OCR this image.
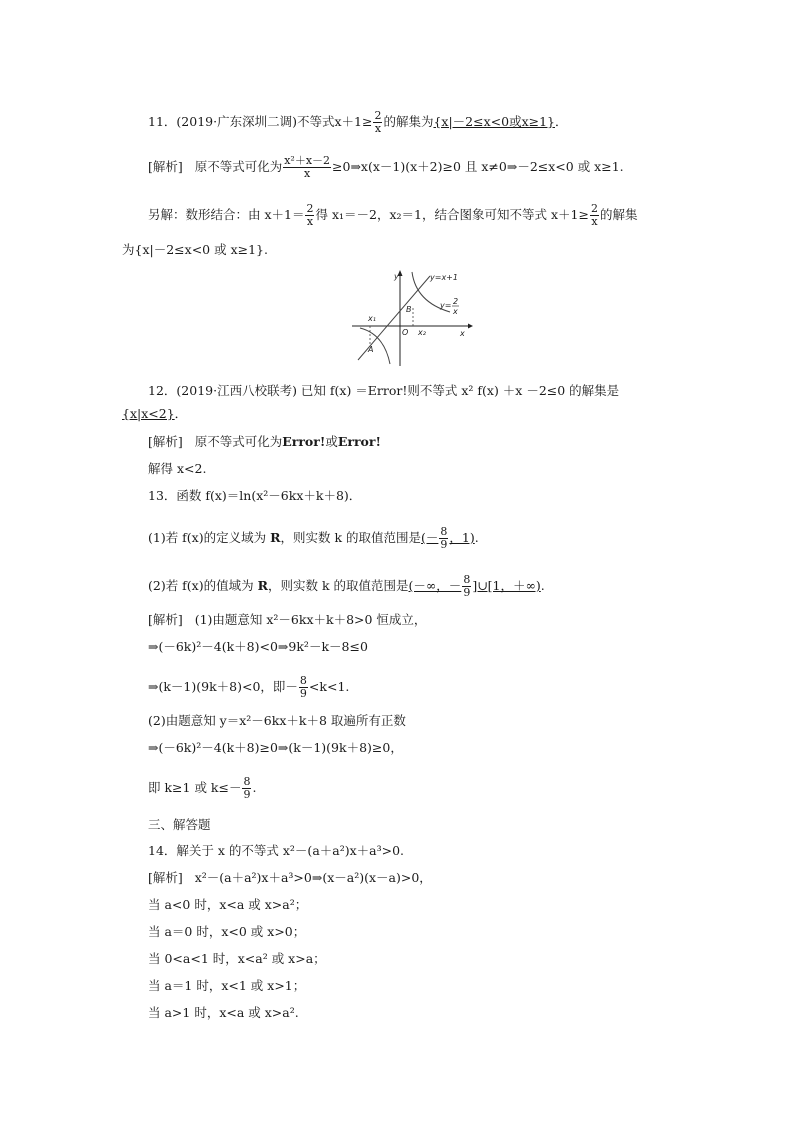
11．(2019·广东深圳二调)不等式$x+1\ge \frac{2}{x}$ 的解集为{x|－2≤x<0或x≥1}．
[解析] 原不等式可化为 $\frac{\text{x²＋x－2}}{x}$ ≥0⇒x(x－1)(x＋2)≥0 且 x≠0⇒－2≤x<0 或 x≥1.
另解：数形结合：由 $x+1= \frac{2}{x}$ 得 x₁＝－2，x₂＝1，结合图象可知不等式 $x+1\ge \frac{2}{x}$ 的解集
为{x|－2≤x<0 或 x≥1}.
y
x
O
y=x+1
y= 2
x
x₁
x₂
A
B
12．(2019·江西八校联考) 已知 f(x) ＝Error!则不等式 x² f(x) ＋x －2≤0 的解集是
{x|x<2}．
[解析] 原不等式可化为Error!或Error!
解得 x<2.
13．函数 f(x)＝ln(x²－6kx＋k＋8)．
(1)若 f(x)的定义域为 R，则实数 k 的取值范围是(－ $\frac{8}{9}$ ，1).
(2)若 f(x)的值域为 R，则实数 k 的取值范围是(－∞，－ $\frac{8}{9}$ ]∪[1，＋∞).
[解析] (1)由题意知 x²－6kx＋k＋8>0 恒成立，
⇒(－6k)²－4(k＋8)<0⇒9k²－k－8≤0
⇒(k－1)(9k＋8)<0，即－ $\frac{8}{9} <k<1$.
(2)由题意知 y＝x²－6kx＋k＋8 取遍所有正数
⇒(－6k)²－4(k＋8)≥0⇒(k－1)(9k＋8)≥0，
即 k≥1 或 $k\le- \frac{8}{9}$ .
三、解答题
14．解关于 x 的不等式 x²－(a＋a²)x＋a³>0.
[解析] x²－(a＋a²)x＋a³>0⇒(x－a²)(x－a)>0，
当 a<0 时，x<a 或 x>a²；
当 a＝0 时，x<0 或 x>0；
当 0<a<1 时，x<a² 或 x>a；
当 a＝1 时，x<1 或 x>1；
当 a>1 时，x<a 或 x>a².
